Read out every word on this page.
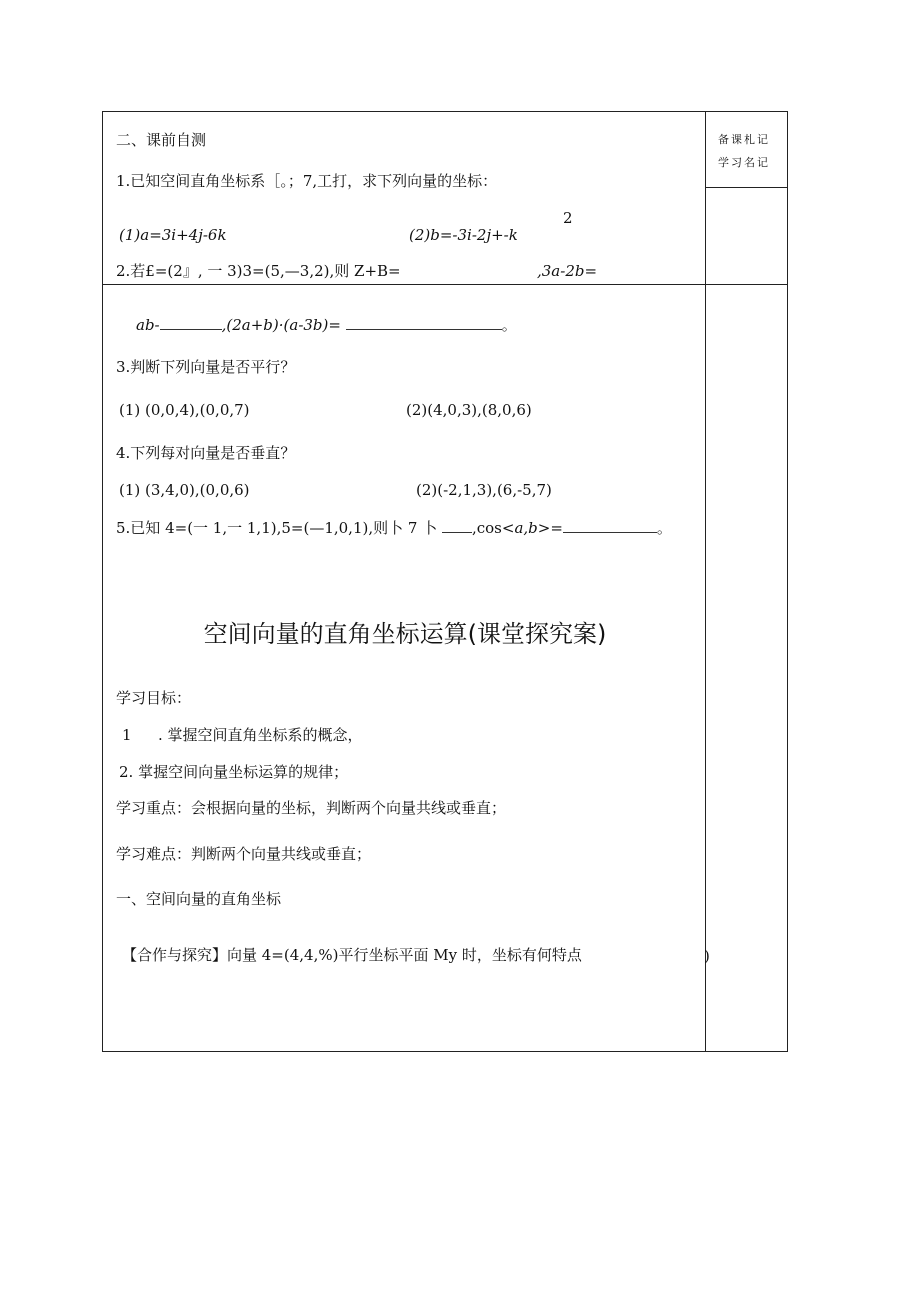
备课札记
学习名记
二、课前自测
1.已知空间直角坐标系［。；7,工打，求下列向量的坐标：
2
(1)a=3i+4j-6k	(2)b=-3i-2j+-k
2.若£=(2』, 一 3)3=(5,—3,2),则 Z+B=	,3a-2b=
ab-	,(2a+b)·(a-3b)=	。
3.判断下列向量是否平行？
(1) (0,0,4),(0,0,7)	(2)(4,0,3),(8,0,6)
4.下列每对向量是否垂直？
(1) (3,4,0),(0,0,6)	(2)(-2,1,3),(6,-5,7)
5.已知 4=(一 1,一 1,1),5=(—1,0,1),则卜 7 卜 ,cos<a,b>=	。
空间向量的直角坐标运算(课堂探究案)
学习目标：
1 . 掌握空间直角坐标系的概念，
2. 掌握空间向量坐标运算的规律；
学习重点：会根据向量的坐标，判断两个向量共线或垂直；
学习难点：判断两个向量共线或垂直；
一、空间向量的直角坐标
【合作与探究】向量 4=(4,4,%)平行坐标平面 My 时，坐标有何特点	)
